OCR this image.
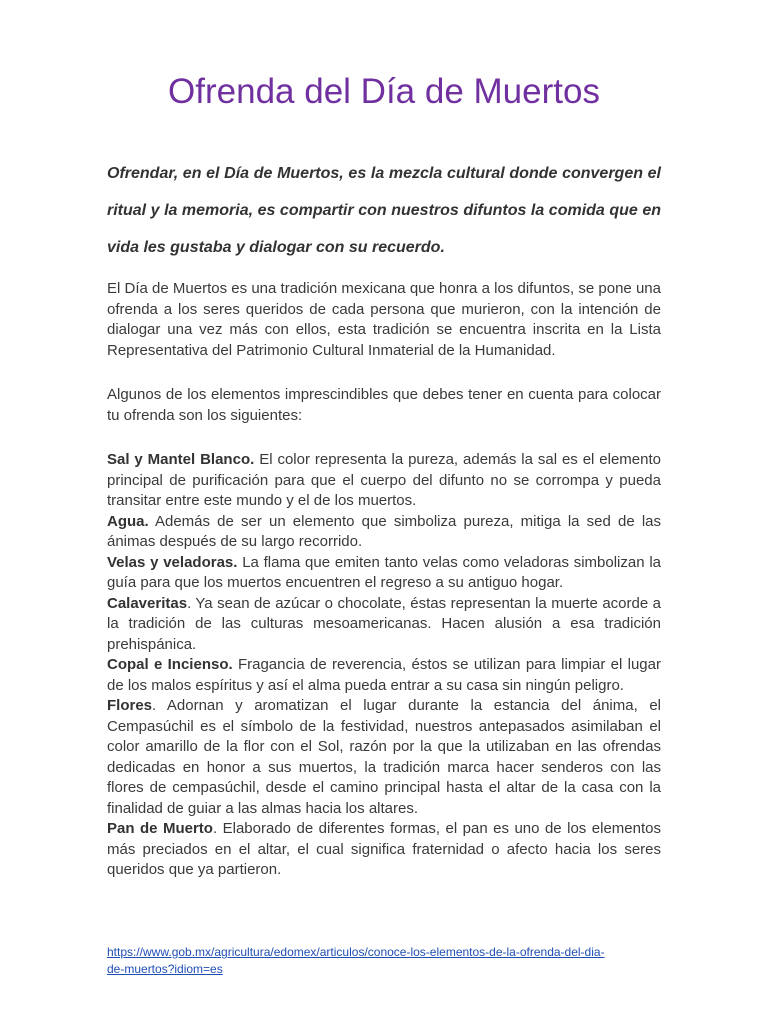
Ofrenda del Día de Muertos

Ofrendar, en el Día de Muertos, es la mezcla cultural donde convergen el ritual y la memoria, es compartir con nuestros difuntos la comida que en vida les gustaba y dialogar con su recuerdo.

El Día de Muertos es una tradición mexicana que honra a los difuntos, se pone una ofrenda a los seres queridos de cada persona que murieron, con la intención de dialogar una vez más con ellos, esta tradición se encuentra inscrita en la Lista Representativa del Patrimonio Cultural Inmaterial de la Humanidad.

Algunos de los elementos imprescindibles que debes tener en cuenta para colocar tu ofrenda son los siguientes:

Sal y Mantel Blanco. El color representa la pureza, además la sal es el elemento principal de purificación para que el cuerpo del difunto no se corrompa y pueda transitar entre este mundo y el de los muertos.

Agua. Además de ser un elemento que simboliza pureza, mitiga la sed de las ánimas después de su largo recorrido.

Velas y veladoras. La flama que emiten tanto velas como veladoras simbolizan la guía para que los muertos encuentren el regreso a su antiguo hogar.

Calaveritas. Ya sean de azúcar o chocolate, éstas representan la muerte acorde a la tradición de las culturas mesoamericanas. Hacen alusión a esa tradición prehispánica.

Copal e Incienso. Fragancia de reverencia, éstos se utilizan para limpiar el lugar de los malos espíritus y así el alma pueda entrar a su casa sin ningún peligro.

Flores. Adornan y aromatizan el lugar durante la estancia del ánima, el Cempasúchil es el símbolo de la festividad, nuestros antepasados asimilaban el color amarillo de la flor con el Sol, razón por la que la utilizaban en las ofrendas dedicadas en honor a sus muertos, la tradición marca hacer senderos con las flores de cempasúchil, desde el camino principal hasta el altar de la casa con la finalidad de guiar a las almas hacia los altares.

Pan de Muerto. Elaborado de diferentes formas, el pan es uno de los elementos más preciados en el altar, el cual significa fraternidad o afecto hacia los seres queridos que ya partieron.

https://www.gob.mx/agricultura/edomex/articulos/conoce-los-elementos-de-la-ofrenda-del-dia-
de-muertos?idiom=es
